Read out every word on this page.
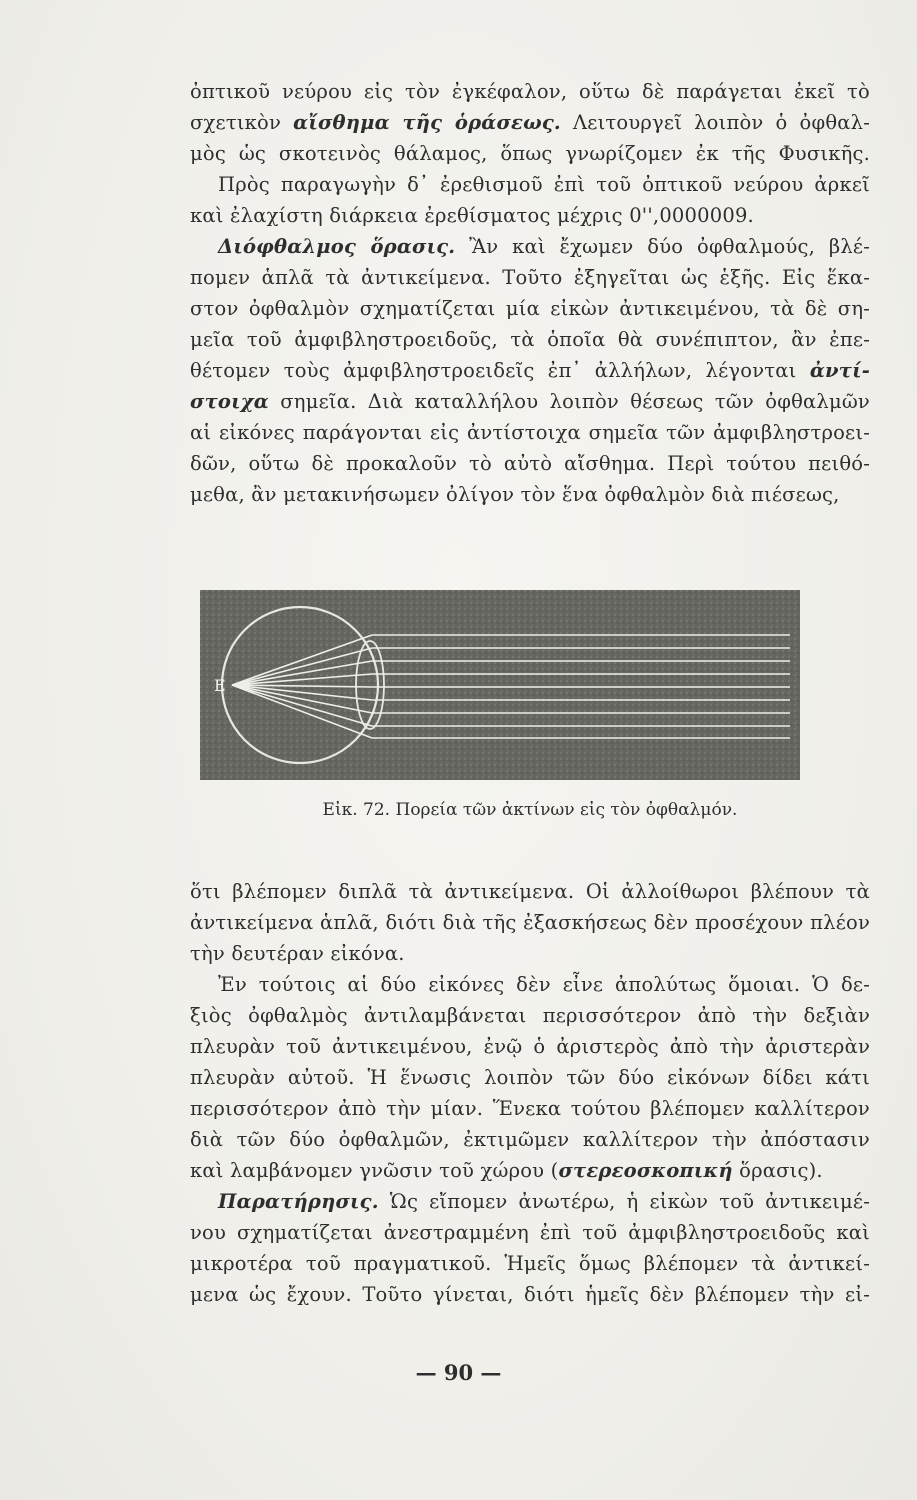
ὀπτικοῦ νεύρου εἰς τὸν ἐγκέφαλον, οὕτω δὲ παράγεται ἐκεῖ τὸ
σχετικὸν αἴσθημα τῆς ὁράσεως. Λειτουργεῖ λοιπὸν ὁ ὀφθαλ-
μὸς ὡς σκοτεινὸς θάλαμος, ὅπως γνωρίζομεν ἐκ τῆς Φυσικῆς.
Πρὸς παραγωγὴν δ᾽ ἐρεθισμοῦ ἐπὶ τοῦ ὀπτικοῦ νεύρου ἀρκεῖ
καὶ ἐλαχίστη διάρκεια ἐρεθίσματος μέχρις 0'',0000009.
Διόφθαλμος ὅρασις. Ἂν καὶ ἔχωμεν δύο ὀφθαλμούς, βλέ-
πομεν ἁπλᾶ τὰ ἀντικείμενα. Τοῦτο ἐξηγεῖται ὡς ἑξῆς. Εἰς ἕκα-
στον ὀφθαλμὸν σχηματίζεται μία εἰκὼν ἀντικειμένου, τὰ δὲ ση-
μεῖα τοῦ ἀμφιβληστροειδοῦς, τὰ ὁποῖα θὰ συνέπιπτον, ἂν ἐπε-
θέτομεν τοὺς ἀμφιβληστροειδεῖς ἐπ᾽ ἀλλήλων, λέγονται ἀντί-
στοιχα σημεῖα. Διὰ καταλλήλου λοιπὸν θέσεως τῶν ὀφθαλμῶν
αἱ εἰκόνες παράγονται εἰς ἀντίστοιχα σημεῖα τῶν ἀμφιβληστροει-
δῶν, οὕτω δὲ προκαλοῦν τὸ αὐτὸ αἴσθημα. Περὶ τούτου πειθό-
μεθα, ἂν μετακινήσωμεν ὀλίγον τὸν ἕνα ὀφθαλμὸν διὰ πιέσεως,
E
Εἰκ. 72. Πορεία τῶν ἀκτίνων εἰς τὸν ὀφθαλμόν.
ὅτι βλέπομεν διπλᾶ τὰ ἀντικείμενα. Οἱ ἀλλοίθωροι βλέπουν τὰ
ἀντικείμενα ἁπλᾶ, διότι διὰ τῆς ἐξασκήσεως δὲν προσέχουν πλέον
τὴν δευτέραν εἰκόνα.
Ἐν τούτοις αἱ δύο εἰκόνες δὲν εἶνε ἀπολύτως ὅμοιαι. Ὁ δε-
ξιὸς ὀφθαλμὸς ἀντιλαμβάνεται περισσότερον ἀπὸ τὴν δεξιὰν
πλευρὰν τοῦ ἀντικειμένου, ἐνῷ ὁ ἀριστερὸς ἀπὸ τὴν ἀριστερὰν
πλευρὰν αὐτοῦ. Ἡ ἕνωσις λοιπὸν τῶν δύο εἰκόνων δίδει κάτι
περισσότερον ἀπὸ τὴν μίαν. Ἕνεκα τούτου βλέπομεν καλλίτερον
διὰ τῶν δύο ὀφθαλμῶν, ἐκτιμῶμεν καλλίτερον τὴν ἀπόστασιν
καὶ λαμβάνομεν γνῶσιν τοῦ χώρου (στερεοσκοπική ὅρασις).
Παρατήρησις. Ὡς εἴπομεν ἀνωτέρω, ἡ εἰκὼν τοῦ ἀντικειμέ-
νου σχηματίζεται ἀνεστραμμένη ἐπὶ τοῦ ἀμφιβληστροειδοῦς καὶ
μικροτέρα τοῦ πραγματικοῦ. Ἡμεῖς ὅμως βλέπομεν τὰ ἀντικεί-
μενα ὡς ἔχουν. Τοῦτο γίνεται, διότι ἡμεῖς δὲν βλέπομεν τὴν εἰ-
— 90 —
